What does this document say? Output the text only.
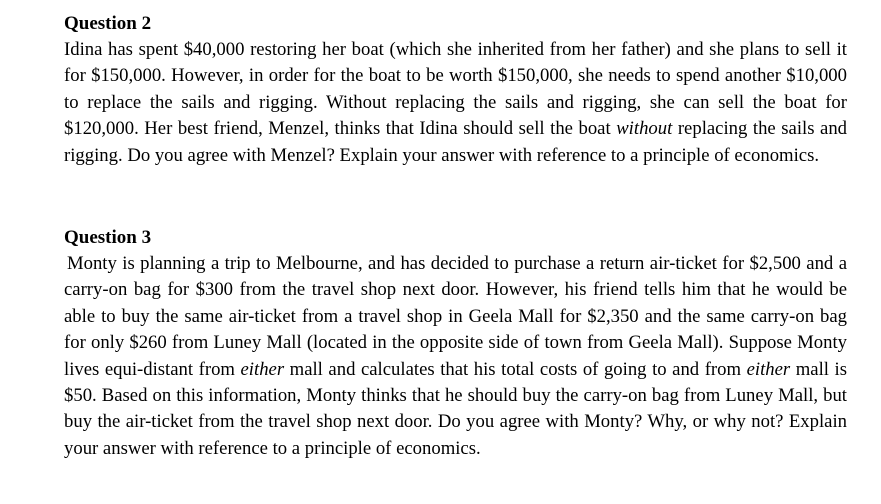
Question 2

Idina has spent $40,000 restoring her boat (which she inherited from her father) and she plans to sell it for $150,000. However, in order for the boat to be worth $150,000, she needs to spend another $10,000 to replace the sails and rigging. Without replacing the sails and rigging, she can sell the boat for $120,000. Her best friend, Menzel, thinks that Idina should sell the boat without replacing the sails and rigging. Do you agree with Menzel? Explain your answer with reference to a principle of economics.

Question 3

Monty is planning a trip to Melbourne, and has decided to purchase a return air-ticket for $2,500 and a carry-on bag for $300 from the travel shop next door. However, his friend tells him that he would be able to buy the same air-ticket from a travel shop in Geela Mall for $2,350 and the same carry-on bag for only $260 from Luney Mall (located in the opposite side of town from Geela Mall). Suppose Monty lives equi-distant from either mall and calculates that his total costs of going to and from either mall is $50. Based on this information, Monty thinks that he should buy the carry-on bag from Luney Mall, but buy the air-ticket from the travel shop next door. Do you agree with Monty? Why, or why not? Explain your answer with reference to a principle of economics.
